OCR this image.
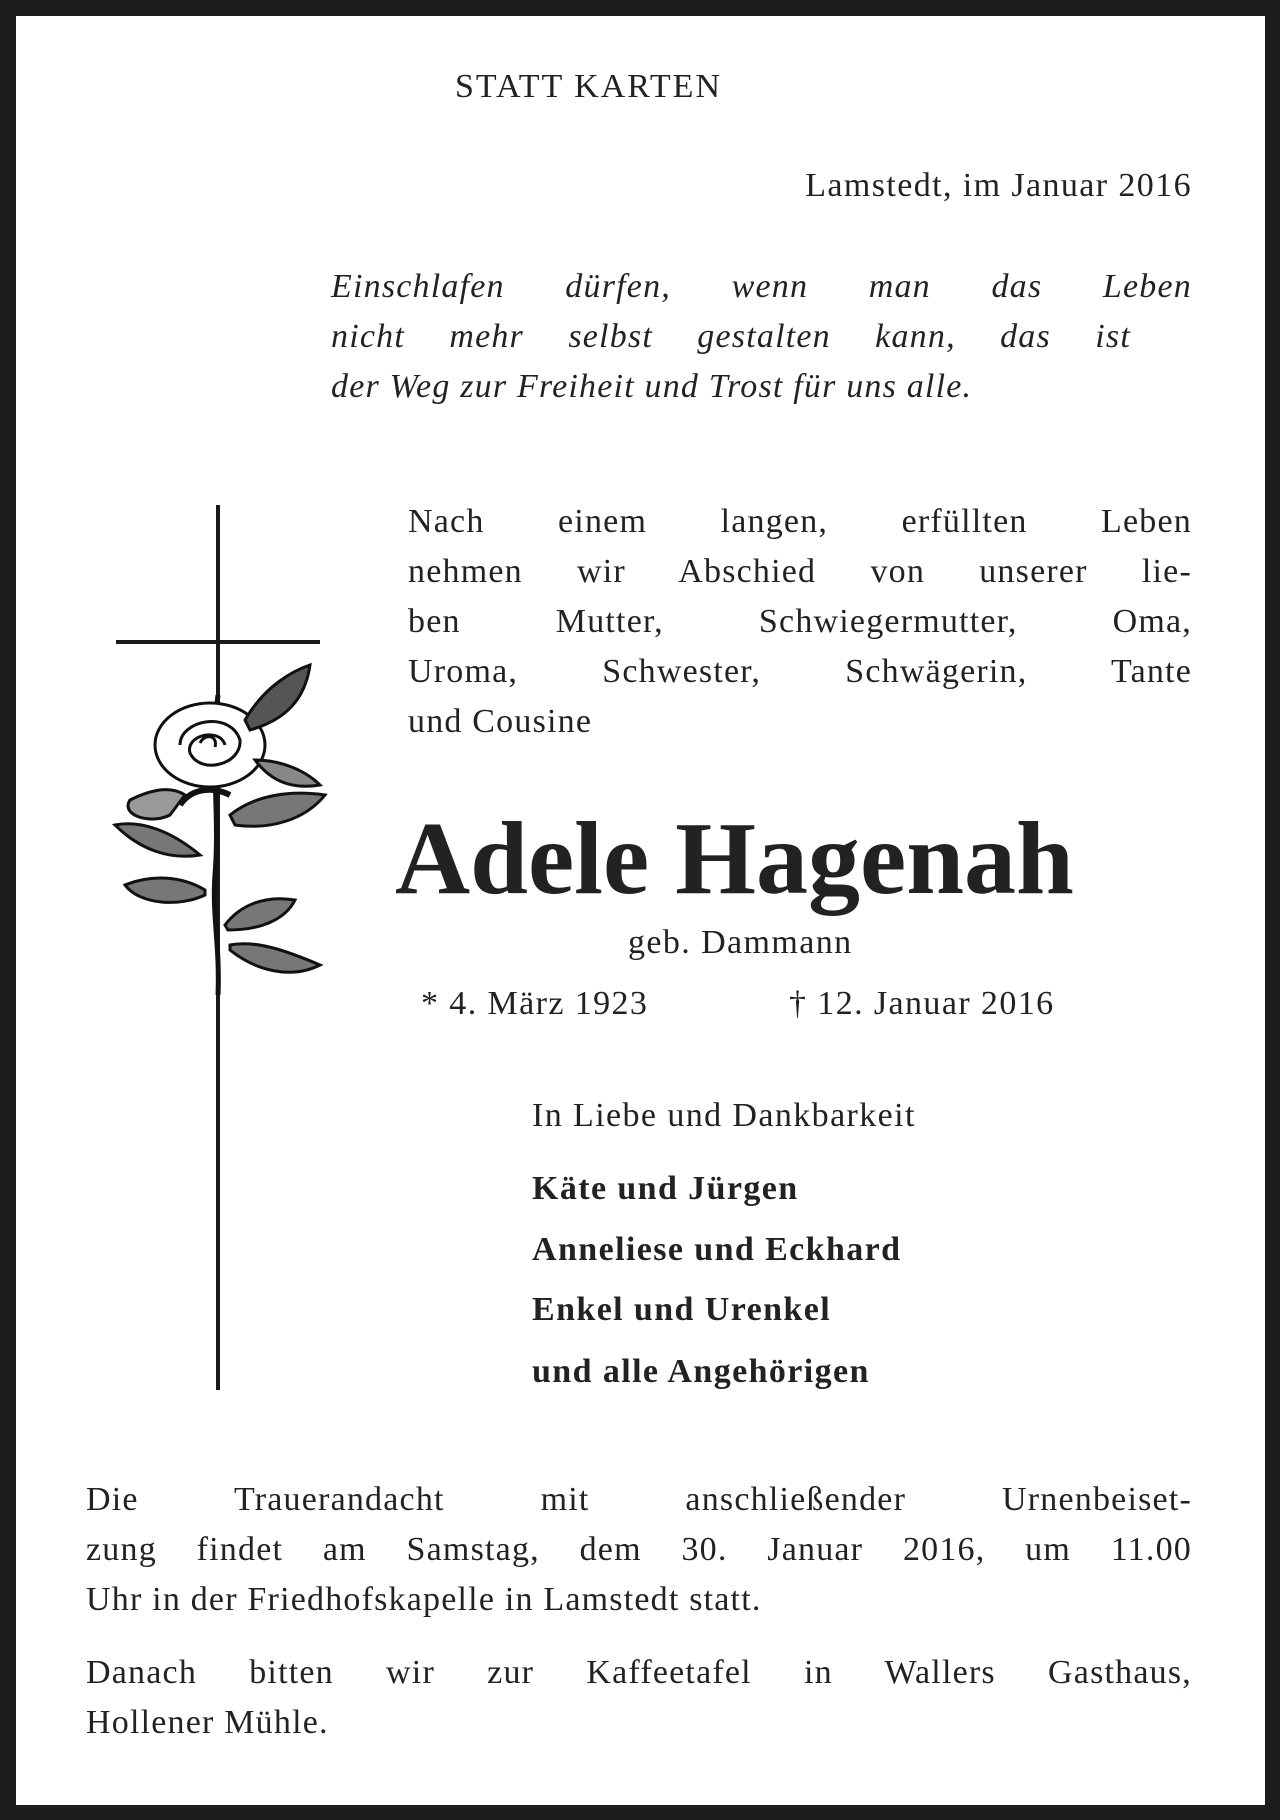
STATT KARTEN
Lamstedt, im Januar 2016
Einschlafen dürfen, wenn man das Leben
nicht mehr selbst gestalten kann, das ist
der Weg zur Freiheit und Trost für uns alle.
Nach einem langen, erfüllten Leben
nehmen wir Abschied von unserer lie-
ben Mutter, Schwiegermutter, Oma,
Uroma, Schwester, Schwägerin, Tante
und Cousine
Adele Hagenah
geb. Dammann
* 4. März 1923	† 12. Januar 2016
In Liebe und Dankbarkeit
Käte und Jürgen
Anneliese und Eckhard
Enkel und Urenkel
und alle Angehörigen
Die Trauerandacht mit anschließender Urnenbeiset-
zung findet am Samstag, dem 30. Januar 2016, um 11.00
Uhr in der Friedhofskapelle in Lamstedt statt.
Danach bitten wir zur Kaffeetafel in Wallers Gasthaus,
Hollener Mühle.
